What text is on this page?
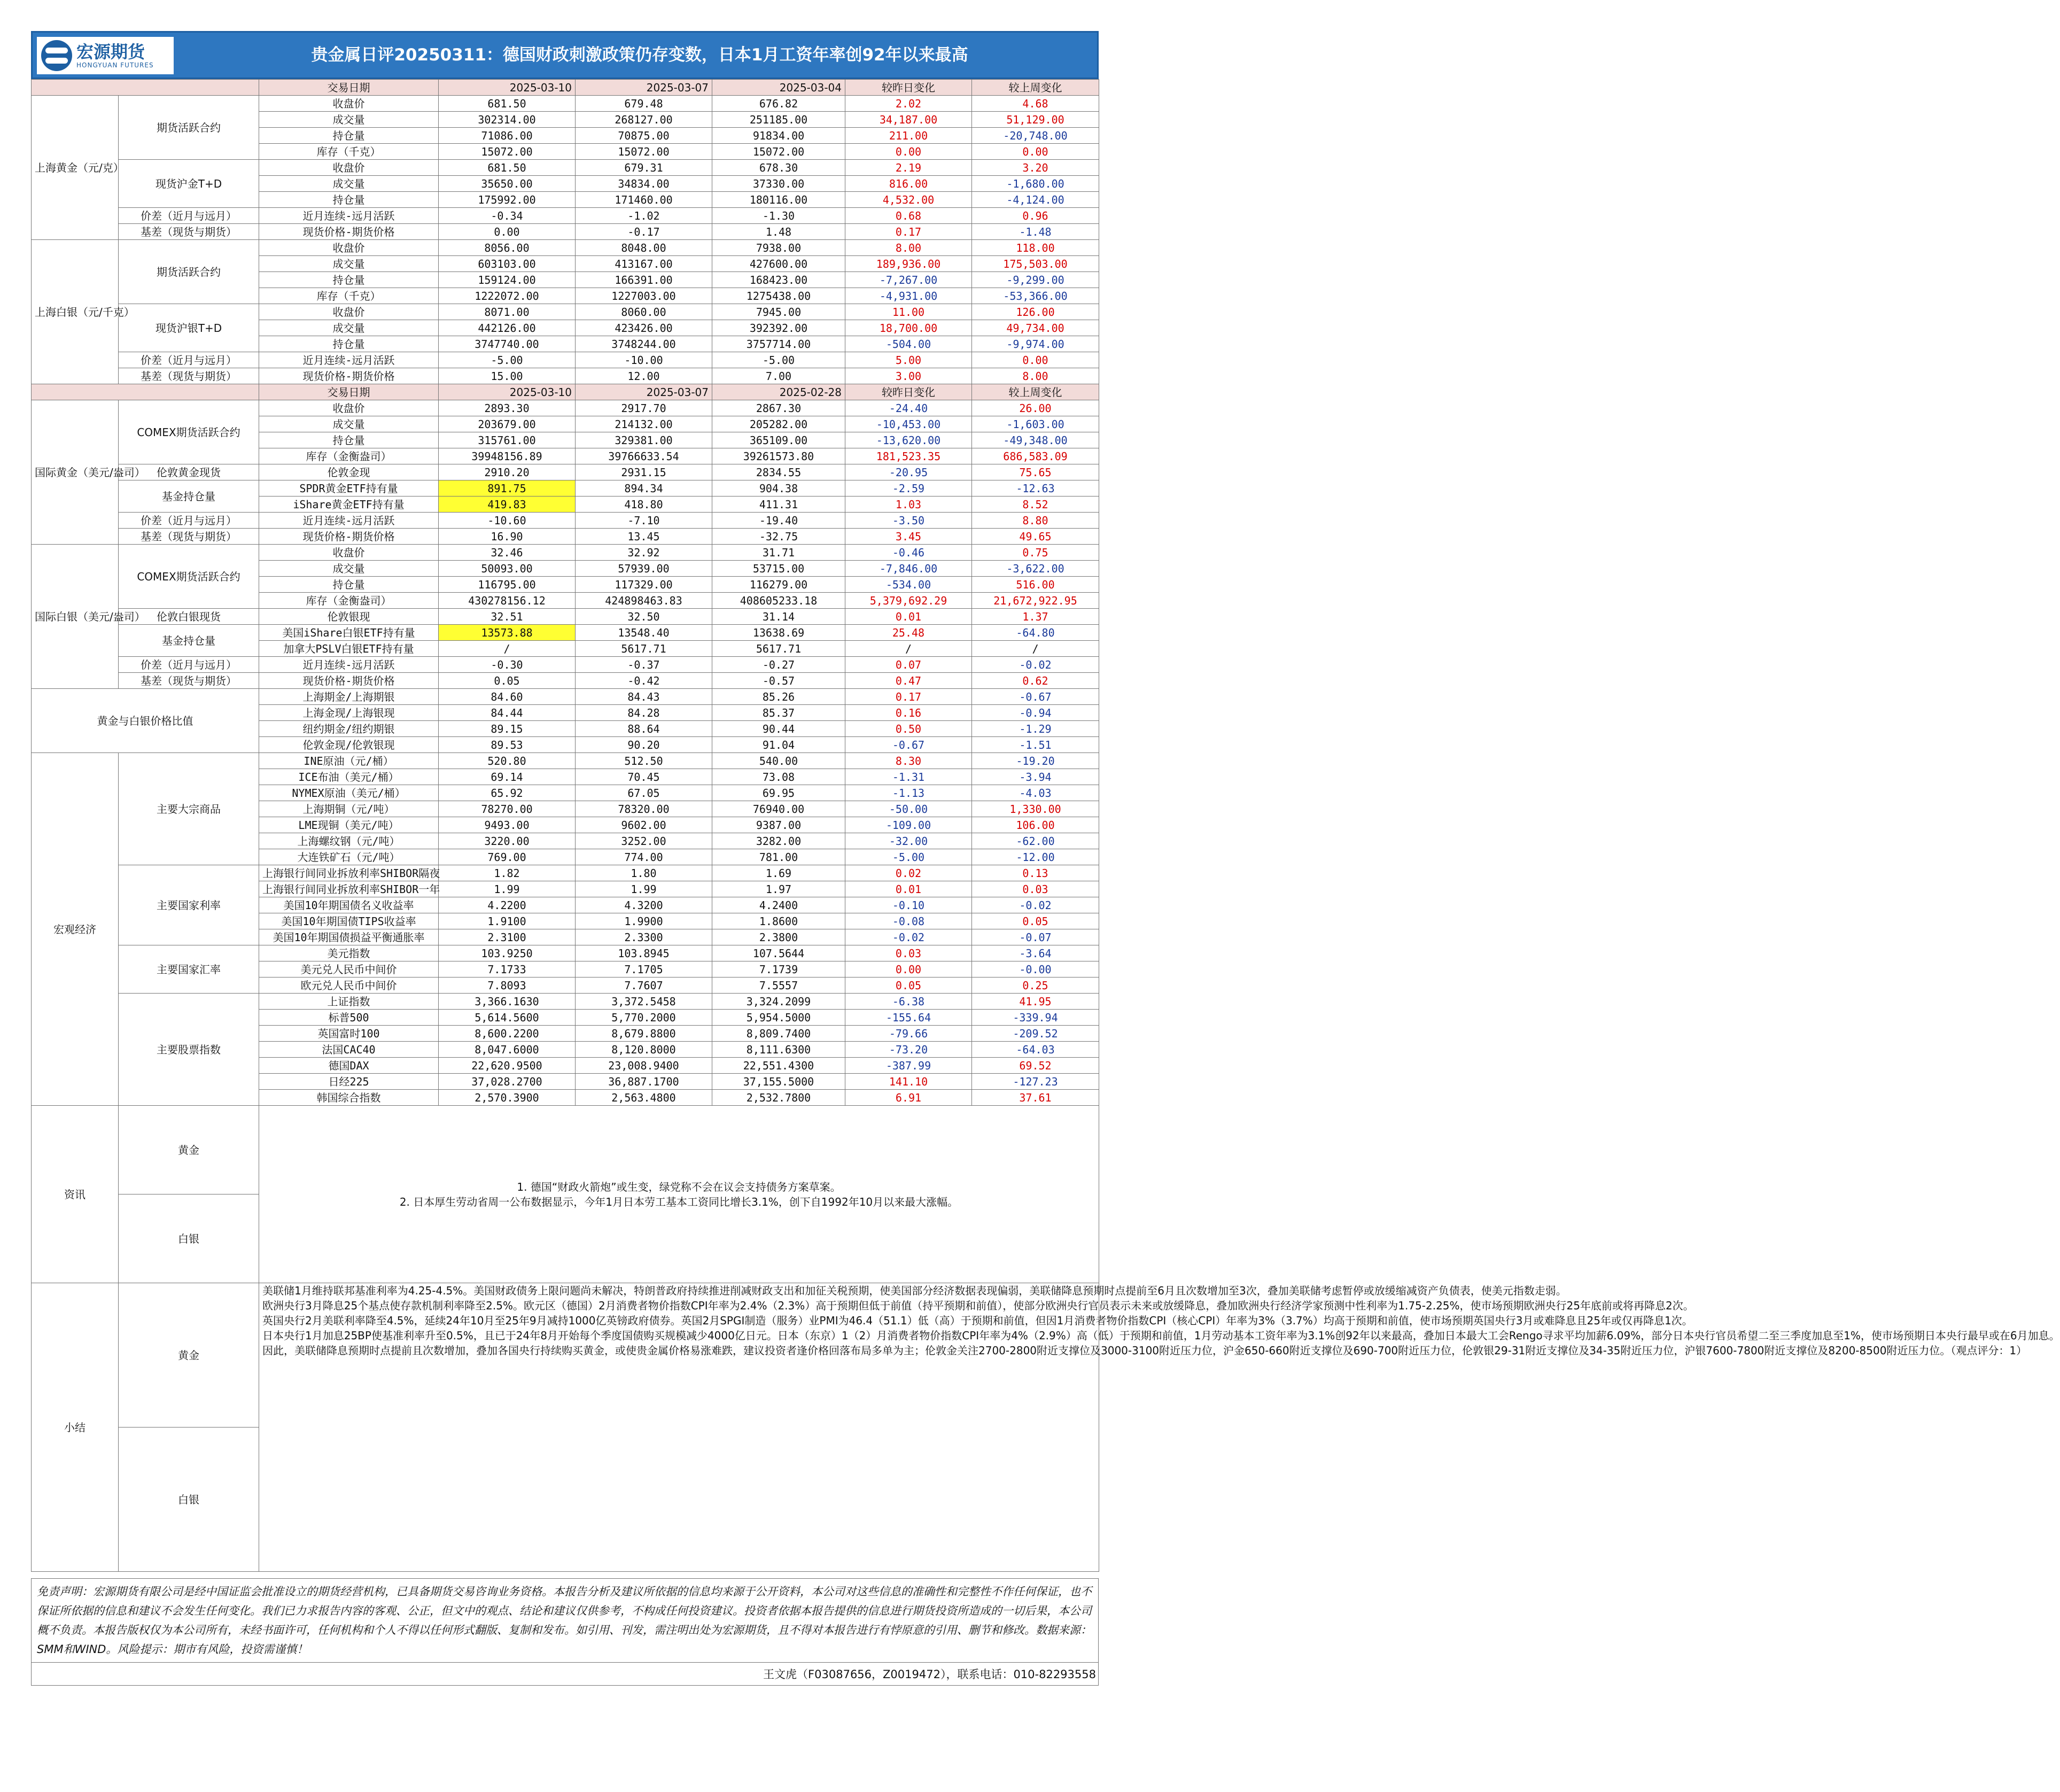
宏源期货
HONGYUAN FUTURES
贵金属日评20250311：德国财政刺激政策仍存变数，日本1月工资年率创92年以来最高
		交易日期	2025-03-10	2025-03-07	2025-03-04	较昨日变化	较上周变化
上海黄金（元/克）	期货活跃合约	收盘价	681.50	679.48	676.82	2.02	4.68
		成交量	302314.00	268127.00	251185.00	34,187.00	51,129.00
		持仓量	71086.00	70875.00	91834.00	211.00	-20,748.00
		库存（千克）	15072.00	15072.00	15072.00	0.00	0.00
	现货沪金T+D	收盘价	681.50	679.31	678.30	2.19	3.20
		成交量	35650.00	34834.00	37330.00	816.00	-1,680.00
		持仓量	175992.00	171460.00	180116.00	4,532.00	-4,124.00
	价差（近月与远月）	近月连续-远月活跃	-0.34	-1.02	-1.30	0.68	0.96
	基差（现货与期货）	现货价格-期货价格	0.00	-0.17	1.48	0.17	-1.48
上海白银（元/千克）	期货活跃合约	收盘价	8056.00	8048.00	7938.00	8.00	118.00
		成交量	603103.00	413167.00	427600.00	189,936.00	175,503.00
		持仓量	159124.00	166391.00	168423.00	-7,267.00	-9,299.00
		库存（千克）	1222072.00	1227003.00	1275438.00	-4,931.00	-53,366.00
	现货沪银T+D	收盘价	8071.00	8060.00	7945.00	11.00	126.00
		成交量	442126.00	423426.00	392392.00	18,700.00	49,734.00
		持仓量	3747740.00	3748244.00	3757714.00	-504.00	-9,974.00
	价差（近月与远月）	近月连续-远月活跃	-5.00	-10.00	-5.00	5.00	0.00
	基差（现货与期货）	现货价格-期货价格	15.00	12.00	7.00	3.00	8.00
		交易日期	2025-03-10	2025-03-07	2025-02-28	较昨日变化	较上周变化
国际黄金（美元/盎司）	COMEX期货活跃合约	收盘价	2893.30	2917.70	2867.30	-24.40	26.00
		成交量	203679.00	214132.00	205282.00	-10,453.00	-1,603.00
		持仓量	315761.00	329381.00	365109.00	-13,620.00	-49,348.00
		库存（金衡盎司）	39948156.89	39766633.54	39261573.80	181,523.35	686,583.09
	伦敦黄金现货	伦敦金现	2910.20	2931.15	2834.55	-20.95	75.65
	基金持仓量	SPDR黄金ETF持有量	891.75	894.34	904.38	-2.59	-12.63
		iShare黄金ETF持有量	419.83	418.80	411.31	1.03	8.52
	价差（近月与远月）	近月连续-远月活跃	-10.60	-7.10	-19.40	-3.50	8.80
	基差（现货与期货）	现货价格-期货价格	16.90	13.45	-32.75	3.45	49.65
国际白银（美元/盎司）	COMEX期货活跃合约	收盘价	32.46	32.92	31.71	-0.46	0.75
		成交量	50093.00	57939.00	53715.00	-7,846.00	-3,622.00
		持仓量	116795.00	117329.00	116279.00	-534.00	516.00
		库存（金衡盎司）	430278156.12	424898463.83	408605233.18	5,379,692.29	21,672,922.95
	伦敦白银现货	伦敦银现	32.51	32.50	31.14	0.01	1.37
	基金持仓量	美国iShare白银ETF持有量	13573.88	13548.40	13638.69	25.48	-64.80
		加拿大PSLV白银ETF持有量	/	5617.71	5617.71	/	/
	价差（近月与远月）	近月连续-远月活跃	-0.30	-0.37	-0.27	0.07	-0.02
	基差（现货与期货）	现货价格-期货价格	0.05	-0.42	-0.57	0.47	0.62
黄金与白银价格比值		上海期金/上海期银	84.60	84.43	85.26	0.17	-0.67
		上海金现/上海银现	84.44	84.28	85.37	0.16	-0.94
		纽约期金/纽约期银	89.15	88.64	90.44	0.50	-1.29
		伦敦金现/伦敦银现	89.53	90.20	91.04	-0.67	-1.51
宏观经济	主要大宗商品	INE原油（元/桶）	520.80	512.50	540.00	8.30	-19.20
		ICE布油（美元/桶）	69.14	70.45	73.08	-1.31	-3.94
		NYMEX原油（美元/桶）	65.92	67.05	69.95	-1.13	-4.03
		上海期铜（元/吨）	78270.00	78320.00	76940.00	-50.00	1,330.00
		LME现铜（美元/吨）	9493.00	9602.00	9387.00	-109.00	106.00
		上海螺纹钢（元/吨）	3220.00	3252.00	3282.00	-32.00	-62.00
		大连铁矿石（元/吨）	769.00	774.00	781.00	-5.00	-12.00
	主要国家利率	上海银行间同业拆放利率SHIBOR隔夜	1.82	1.80	1.69	0.02	0.13
		上海银行间同业拆放利率SHIBOR一年	1.99	1.99	1.97	0.01	0.03
		美国10年期国债名义收益率	4.2200	4.3200	4.2400	-0.10	-0.02
		美国10年期国债TIPS收益率	1.9100	1.9900	1.8600	-0.08	0.05
		美国10年期国债损益平衡通胀率	2.3100	2.3300	2.3800	-0.02	-0.07
	主要国家汇率	美元指数	103.9250	103.8945	107.5644	0.03	-3.64
		美元兑人民币中间价	7.1733	7.1705	7.1739	0.00	-0.00
		欧元兑人民币中间价	7.8093	7.7607	7.5557	0.05	0.25
	主要股票指数	上证指数	3,366.1630	3,372.5458	3,324.2099	-6.38	41.95
		标普500	5,614.5600	5,770.2000	5,954.5000	-155.64	-339.94
		英国富时100	8,600.2200	8,679.8800	8,809.7400	-79.66	-209.52
		法国CAC40	8,047.6000	8,120.8000	8,111.6300	-73.20	-64.03
		德国DAX	22,620.9500	23,008.9400	22,551.4300	-387.99	69.52
		日经225	37,028.2700	36,887.1700	37,155.5000	141.10	-127.23
		韩国综合指数	2,570.3900	2,563.4800	2,532.7800	6.91	37.61
资讯	黄金	1. 德国“财政火箭炮”或生变，绿党称不会在议会支持债务方案草案。

2. 日本厚生劳动省周一公布数据显示，今年1月日本劳工基本工资同比增长3.1%，创下自1992年10月以来最大涨幅。					

	白银						
小结	黄金	美联储1月维持联邦基准利率为4.25-4.5%。美国财政债务上限问题尚未解决，特朗普政府持续推进削减财政支出和加征关税预期，使美国部分经济数据表现偏弱，美联储降息预期时点提前至6月且次数增加至3次，叠加美联储考虑暂停或放缓缩减资产负债表，使美元指数走弱。

欧洲央行3月降息25个基点使存款机制利率降至2.5%。欧元区（德国）2月消费者物价指数CPI年率为2.4%（2.3%）高于预期但低于前值（持平预期和前值），使部分欧洲央行官员表示未来或放缓降息，叠加欧洲央行经济学家预测中性利率为1.75-2.25%，使市场预期欧洲央行25年底前或将再降息2次。

英国央行2月美联利率降至4.5%，延续24年10月至25年9月减持1000亿英镑政府债券。英国2月SPGI制造（服务）业PMI为46.4（51.1）低（高）于预期和前值，但因1月消费者物价指数CPI（核心CPI）年率为3%（3.7%）均高于预期和前值，使市场预期英国央行3月或难降息且25年或仅再降息1次。

日本央行1月加息25BP使基准利率升至0.5%，且已于24年8月开始每个季度国债购买规模减少4000亿日元。日本（东京）1（2）月消费者物价指数CPI年率为4%（2.9%）高（低）于预期和前值，1月劳动基本工资年率为3.1%创92年以来最高，叠加日本最大工会Rengo寻求平均加薪6.09%，部分日本央行官员希望二至三季度加息至1%，使市场预期日本央行最早或在6月加息。

因此，美联储降息预期时点提前且次数增加，叠加各国央行持续购买黄金，或使贵金属价格易涨难跌，建议投资者逢价格回落布局多单为主；伦敦金关注2700-2800附近支撑位及3000-3100附近压力位，沪金650-660附近支撑位及690-700附近压力位，伦敦银29-31附近支撑位及34-35附近压力位，沪银7600-7800附近支撑位及8200-8500附近压力位。（观点评分：1）					

	白银						
免责声明：宏源期货有限公司是经中国证监会批准设立的期货经营机构，已具备期货交易咨询业务资格。本报告分析及建议所依据的信息均来源于公开资料，本公司对这些信息的准确性和完整性不作任何保证，也不保证所依据的信息和建议不会发生任何变化。我们已力求报告内容的客观、公正，但文中的观点、结论和建议仅供参考，不构成任何投资建议。投资者依据本报告提供的信息进行期货投资所造成的一切后果，本公司概不负责。本报告版权仅为本公司所有，未经书面许可，任何机构和个人不得以任何形式翻版、复制和发布。如引用、刊发，需注明出处为宏源期货，且不得对本报告进行有悖原意的引用、删节和修改。数据来源：SMM和WIND。风险提示：期市有风险，投资需谨慎！
王文虎（F03087656，Z0019472），联系电话：010-82293558
